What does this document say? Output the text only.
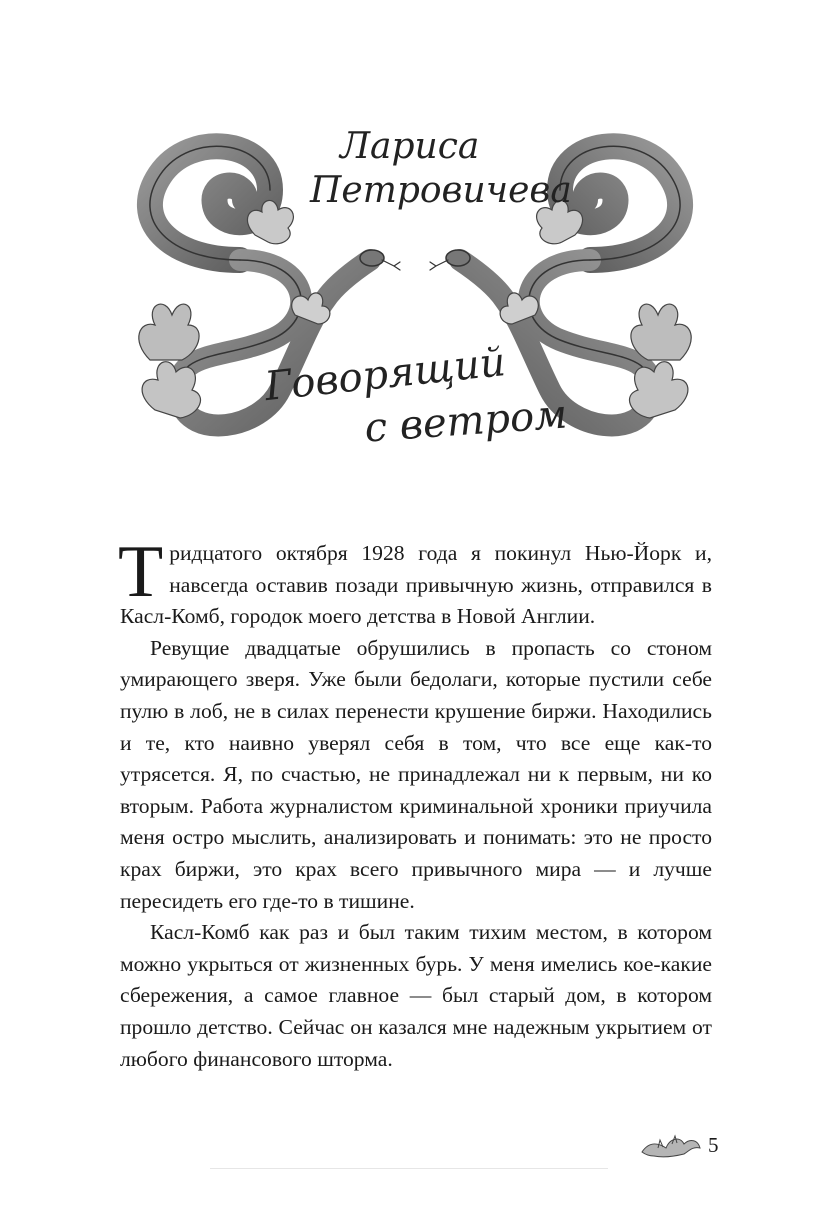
Лариса
Петровичева
Говорящий
с ветром

Тридцатого октября 1928 года я покинул Нью-Йорк и, навсегда оставив позади привычную жизнь, отправился в Касл-Комб, городок моего детства в Новой Англии.

Ревущие двадцатые обрушились в пропасть со стоном умирающего зверя. Уже были бедолаги, которые пустили себе пулю в лоб, не в силах перенести крушение биржи. Находились и те, кто наивно уверял себя в том, что все еще как-то утрясется. Я, по счастью, не принадлежал ни к первым, ни ко вторым. Работа журналистом криминальной хроники приучила меня остро мыслить, анализировать и понимать: это не просто крах биржи, это крах всего привычного мира — и лучше пересидеть его где-то в тишине.

Касл-Комб как раз и был таким тихим местом, в котором можно укрыться от жизненных бурь. У меня имелись кое-какие сбережения, а самое главное — был старый дом, в котором прошло детство. Сейчас он казался мне надежным укрытием от любого финансового шторма.

5
